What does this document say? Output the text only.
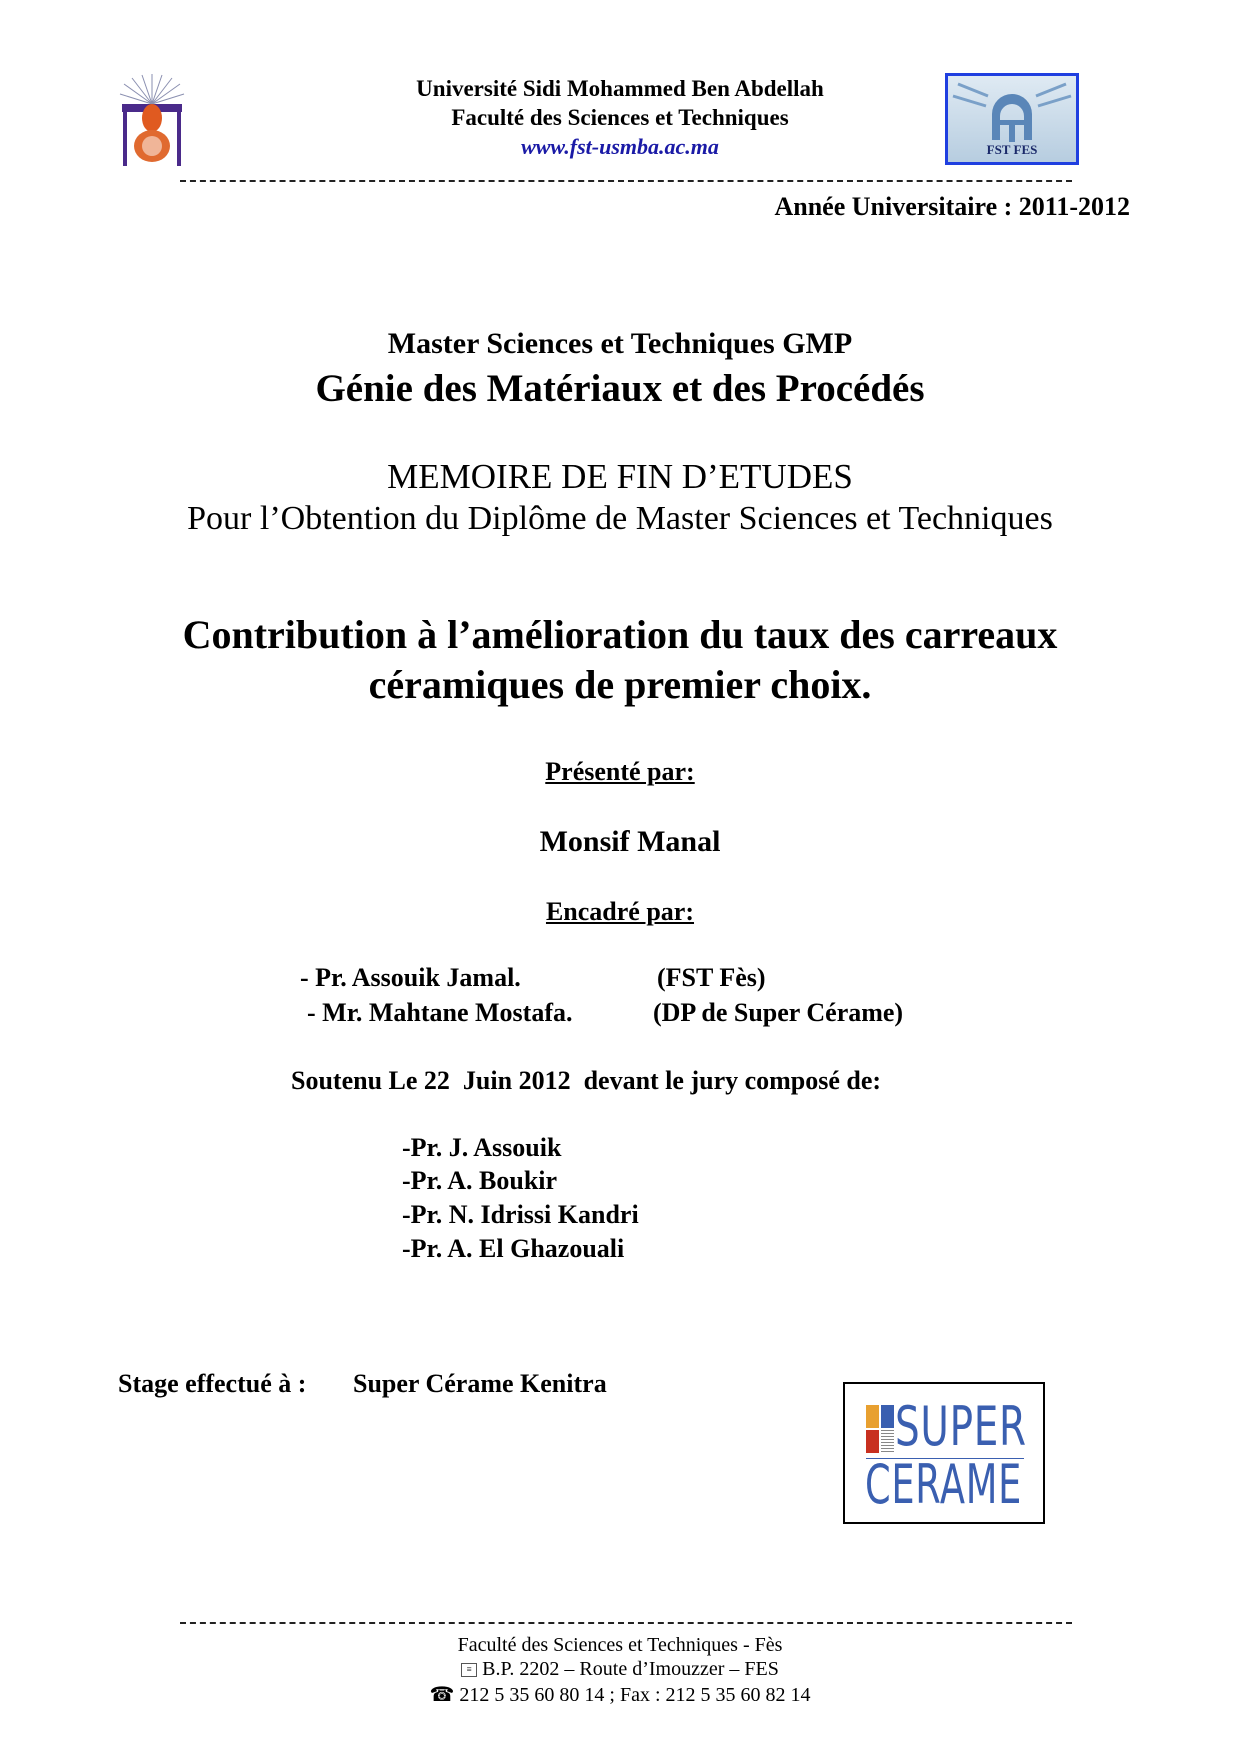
Université Sidi Mohammed Ben Abdellah
Faculté des Sciences et Techniques
www.fst-usmba.ac.ma	FST FES
Année Universitaire : 2011-2012
Master Sciences et Techniques GMP
Génie des Matériaux et des Procédés
MEMOIRE DE FIN D’ETUDES
Pour l’Obtention du Diplôme de Master Sciences et Techniques
Contribution à l’amélioration du taux des carreaux
céramiques de premier choix.
Présenté par:
Monsif Manal
Encadré par:
- Pr. Assouik Jamal.	(FST Fès)
- Mr. Mahtane Mostafa.	(DP de Super Cérame)
Soutenu Le 22  Juin 2012  devant le jury composé de:
-Pr. J. Assouik
-Pr. A. Boukir
-Pr. N. Idrissi Kandri
-Pr. A. El Ghazouali
Stage effectué à : Super Cérame Kenitra
SUPER
CERAME
Faculté des Sciences et Techniques - Fès
≡ B.P. 2202 – Route d’Imouzzer – FES
☎ 212 5 35 60 80 14 ; Fax : 212 5 35 60 82 14
